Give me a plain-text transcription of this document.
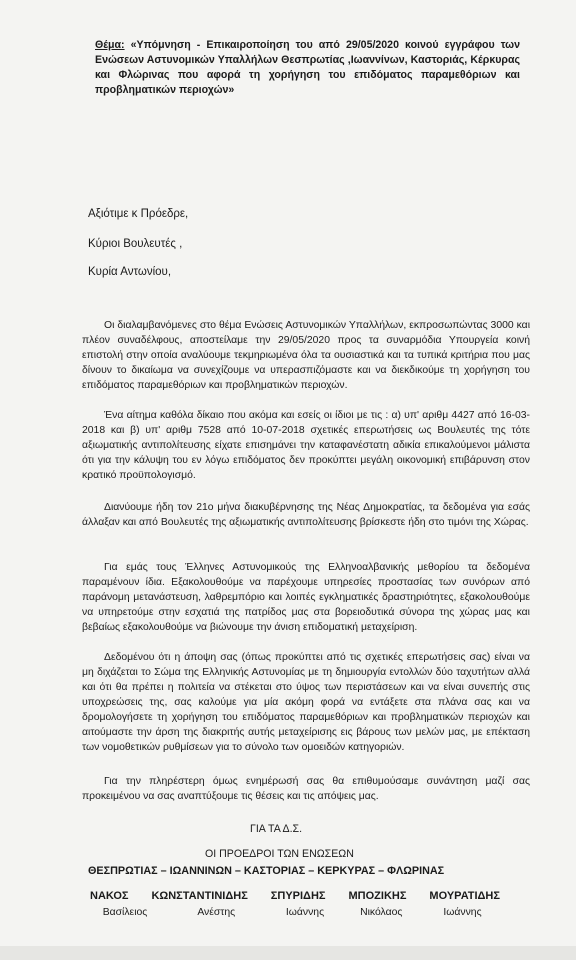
Θέμα: «Υπόμνηση - Επικαιροποίηση του από 29/05/2020 κοινού εγγράφου των Ενώσεων Αστυνομικών Υπαλλήλων Θεσπρωτίας ,Ιωαννίνων, Καστοριάς, Κέρκυρας και Φλώρινας που αφορά τη χορήγηση του επιδόματος παραμεθόριων και προβληματικών περιοχών»
Αξιότιμε κ Πρόεδρε,
Κύριοι Βουλευτές ,
Κυρία Αντωνίου,
Οι διαλαμβανόμενες στο θέμα Ενώσεις Αστυνομικών Υπαλλήλων, εκπροσωπώντας 3000 και πλέον συναδέλφους, αποστείλαμε την 29/05/2020 προς τα συναρμόδια Υπουργεία κοινή επιστολή στην οποία αναλύουμε τεκμηριωμένα όλα τα ουσιαστικά και τα τυπικά κριτήρια που μας δίνουν το δικαίωμα να συνεχίζουμε να υπερασπιζόμαστε και να διεκδικούμε τη χορήγηση του επιδόματος παραμεθόριων και προβληματικών περιοχών.
Ένα αίτημα καθόλα δίκαιο που ακόμα και εσείς οι ίδιοι με τις : α) υπ' αριθμ 4427 από 16-03-2018 και β) υπ' αριθμ 7528 από 10-07-2018 σχετικές επερωτήσεις ως Βουλευτές της τότε αξιωματικής αντιπολίτευσης είχατε επισημάνει την καταφανέστατη αδικία επικαλούμενοι μάλιστα ότι για την κάλυψη του εν λόγω επιδόματος δεν προκύπτει μεγάλη οικονομική επιβάρυνση στον κρατικό προϋπολογισμό.
Διανύουμε ήδη τον 21ο μήνα διακυβέρνησης της Νέας Δημοκρατίας, τα δεδομένα για εσάς άλλαξαν και από Βουλευτές της αξιωματικής αντιπολίτευσης βρίσκεστε ήδη στο τιμόνι της Χώρας.
Για εμάς τους Έλληνες Αστυνομικούς της Ελληνοαλβανικής μεθορίου τα δεδομένα παραμένουν ίδια. Εξακολουθούμε να παρέχουμε υπηρεσίες προστασίας των συνόρων από παράνομη μετανάστευση, λαθρεμπόριο και λοιπές εγκληματικές δραστηριότητες, εξακολουθούμε να υπηρετούμε στην εσχατιά της πατρίδος μας στα βορειοδυτικά σύνορα της χώρας μας και βεβαίως εξακολουθούμε να βιώνουμε την άνιση επιδοματική μεταχείριση.
Δεδομένου ότι η άποψη σας (όπως προκύπτει από τις σχετικές επερωτήσεις σας) είναι να μη διχάζεται το Σώμα της Ελληνικής Αστυνομίας με τη δημιουργία εντολλών δύο ταχυτήτων αλλά και ότι θα πρέπει η πολιτεία να στέκεται στο ύψος των περιστάσεων και να είναι συνεπής στις υποχρεώσεις της, σας καλούμε για μία ακόμη φορά να εντάξετε στα πλάνα σας και να δρομολογήσετε τη χορήγηση του επιδόματος παραμεθόριων και προβληματικών περιοχών και αιτούμαστε την άρση της διακριτής αυτής μεταχείρισης εις βάρους των μελών μας, με επέκταση των νομοθετικών ρυθμίσεων για το σύνολο των ομοειδών κατηγοριών.
Για την πληρέστερη όμως ενημέρωσή σας θα επιθυμούσαμε συνάντηση μαζί σας προκειμένου να σας αναπτύξουμε τις θέσεις και τις απόψεις μας.
ΓΙΑ ΤΑ Δ.Σ.
ΟΙ ΠΡΟΕΔΡΟΙ ΤΩΝ ΕΝΩΣΕΩΝ
ΘΕΣΠΡΩΤΙΑΣ – ΙΩΑΝΝΙΝΩΝ – ΚΑΣΤΟΡΙΑΣ – ΚΕΡΚΥΡΑΣ – ΦΛΩΡΙΝΑΣ
ΝΑΚΟΣ ΚΩΝΣΤΑΝΤΙΝΙΔΗΣ ΣΠΥΡΙΔΗΣ ΜΠΟΖΙΚΗΣ ΜΟΥΡΑΤΙΔΗΣ
Βασίλειος	Ανέστης	Ιωάννης	Νικόλαος	Ιωάννης
